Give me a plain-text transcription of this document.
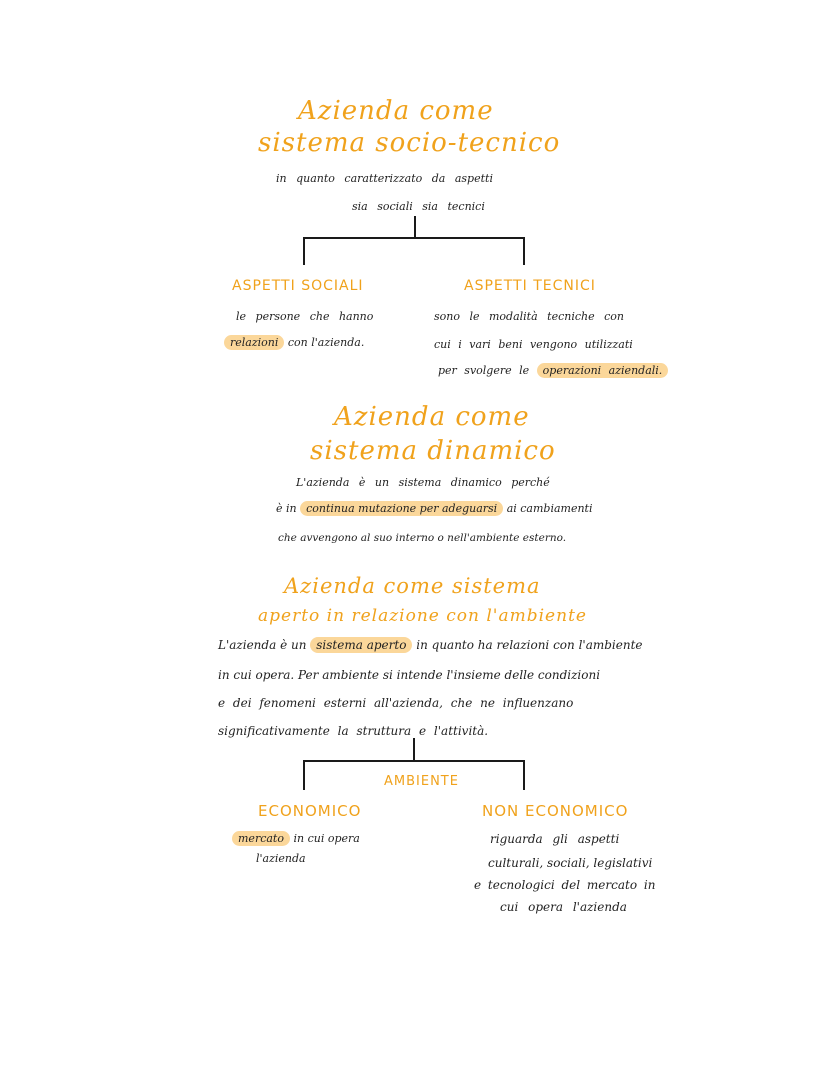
Azienda come
sistema socio-tecnico
in quanto caratterizzato da aspetti
sia sociali sia tecnici
ASPETTI SOCIALI
le persone che hanno
relazioni con l'azienda.
ASPETTI TECNICI
sono le modalità tecniche con
cui i vari beni vengono utilizzati
per svolgere le operazioni aziendali.
Azienda come
sistema dinamico
L'azienda è un sistema dinamico perché
è in continua mutazione per adeguarsi ai cambiamenti
che avvengono al suo interno o nell'ambiente esterno.
Azienda come sistema
aperto in relazione con l'ambiente
L'azienda è un sistema aperto in quanto ha relazioni con l'ambiente
in cui opera. Per ambiente si intende l'insieme delle condizioni
e dei fenomeni esterni all'azienda, che ne influenzano
significativamente la struttura e l'attività.
AMBIENTE
ECONOMICO
mercato in cui opera
l'azienda
NON ECONOMICO
riguarda gli aspetti
culturali, sociali, legislativi
e tecnologici del mercato in
cui opera l'azienda
